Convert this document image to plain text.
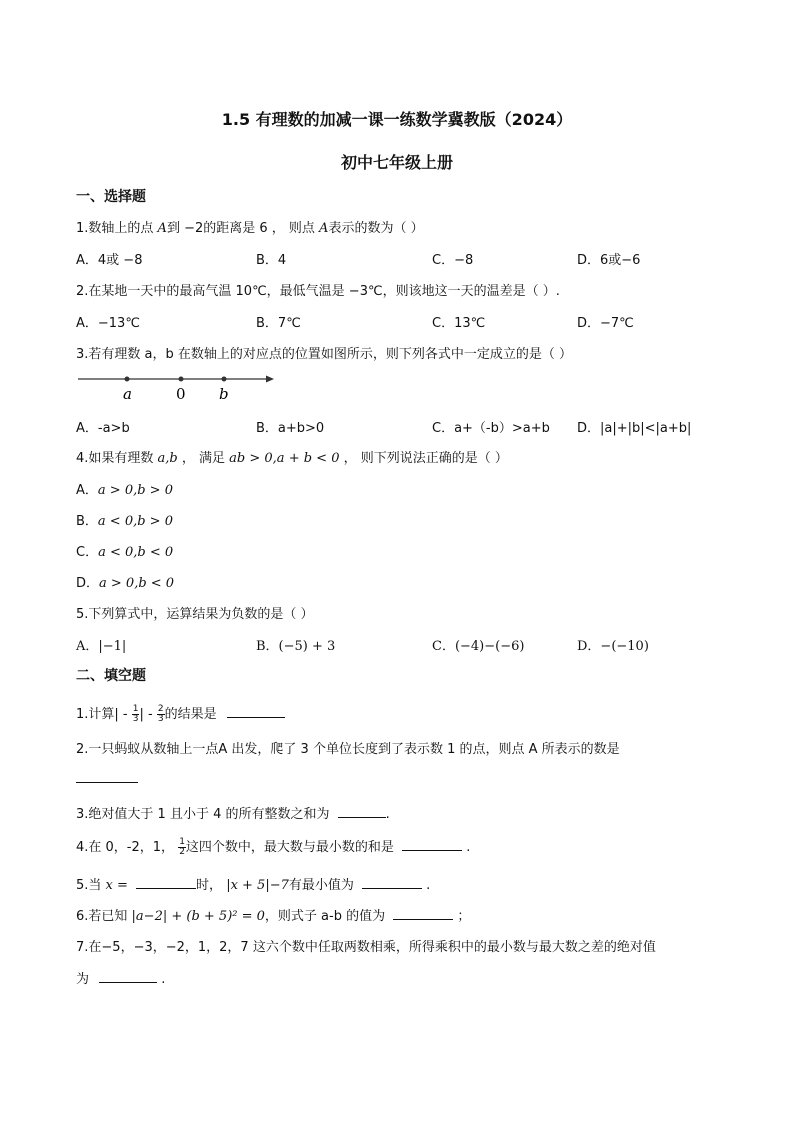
1.5 有理数的加减一课一练数学冀教版（2024）
初中七年级上册
一、选择题
1.数轴上的点 A到 −2的距离是 6 ， 则点 A表示的数为（ ）
A．4或 −8	B．4	C．−8	D．6或−6
2.在某地一天中的最高气温 10℃，最低气温是 −3℃，则该地这一天的温差是（ ）.
A．−13℃	B．7℃	C．13℃	D．−7℃
3.若有理数 a，b 在数轴上的对应点的位置如图所示，则下列各式中一定成立的是（ ）
a	0 b
A．-a>b	B．a+b>0	C．a+（-b）>a+b D．|a|+|b|<|a+b|
4.如果有理数 a,b ， 满足 ab > 0,a + b < 0 ， 则下列说法正确的是（ ）
A．a > 0,b > 0
B．a < 0,b > 0
C．a < 0,b < 0
D．a > 0,b < 0
5.下列算式中，运算结果为负数的是（ ）
A．|−1|	B．(−5) + 3	C．(−4)−(−6)	D．−(−10)
二、填空题
1.计算| - $\frac{1}{3}$ | - $\frac{2}{3}$ 的结果是
2.一只蚂蚁从数轴上一点A 出发，爬了 3 个单位长度到了表示数 1 的点，则点 A 所表示的数是
3.绝对值大于 1 且小于 4 的所有整数之和为	.
4.在 0，-2，1， $\frac{1}{2}$ 这四个数中，最大数与最小数的和是	.
5.当 x =	时， |x + 5|−7有最小值为	.
6.若已知 |a−2| + (b + 5)² = 0，则式子 a-b 的值为	；
7.在−5，−3，−2，1，2，7 这六个数中任取两数相乘，所得乘积中的最小数与最大数之差的绝对值
为	.
